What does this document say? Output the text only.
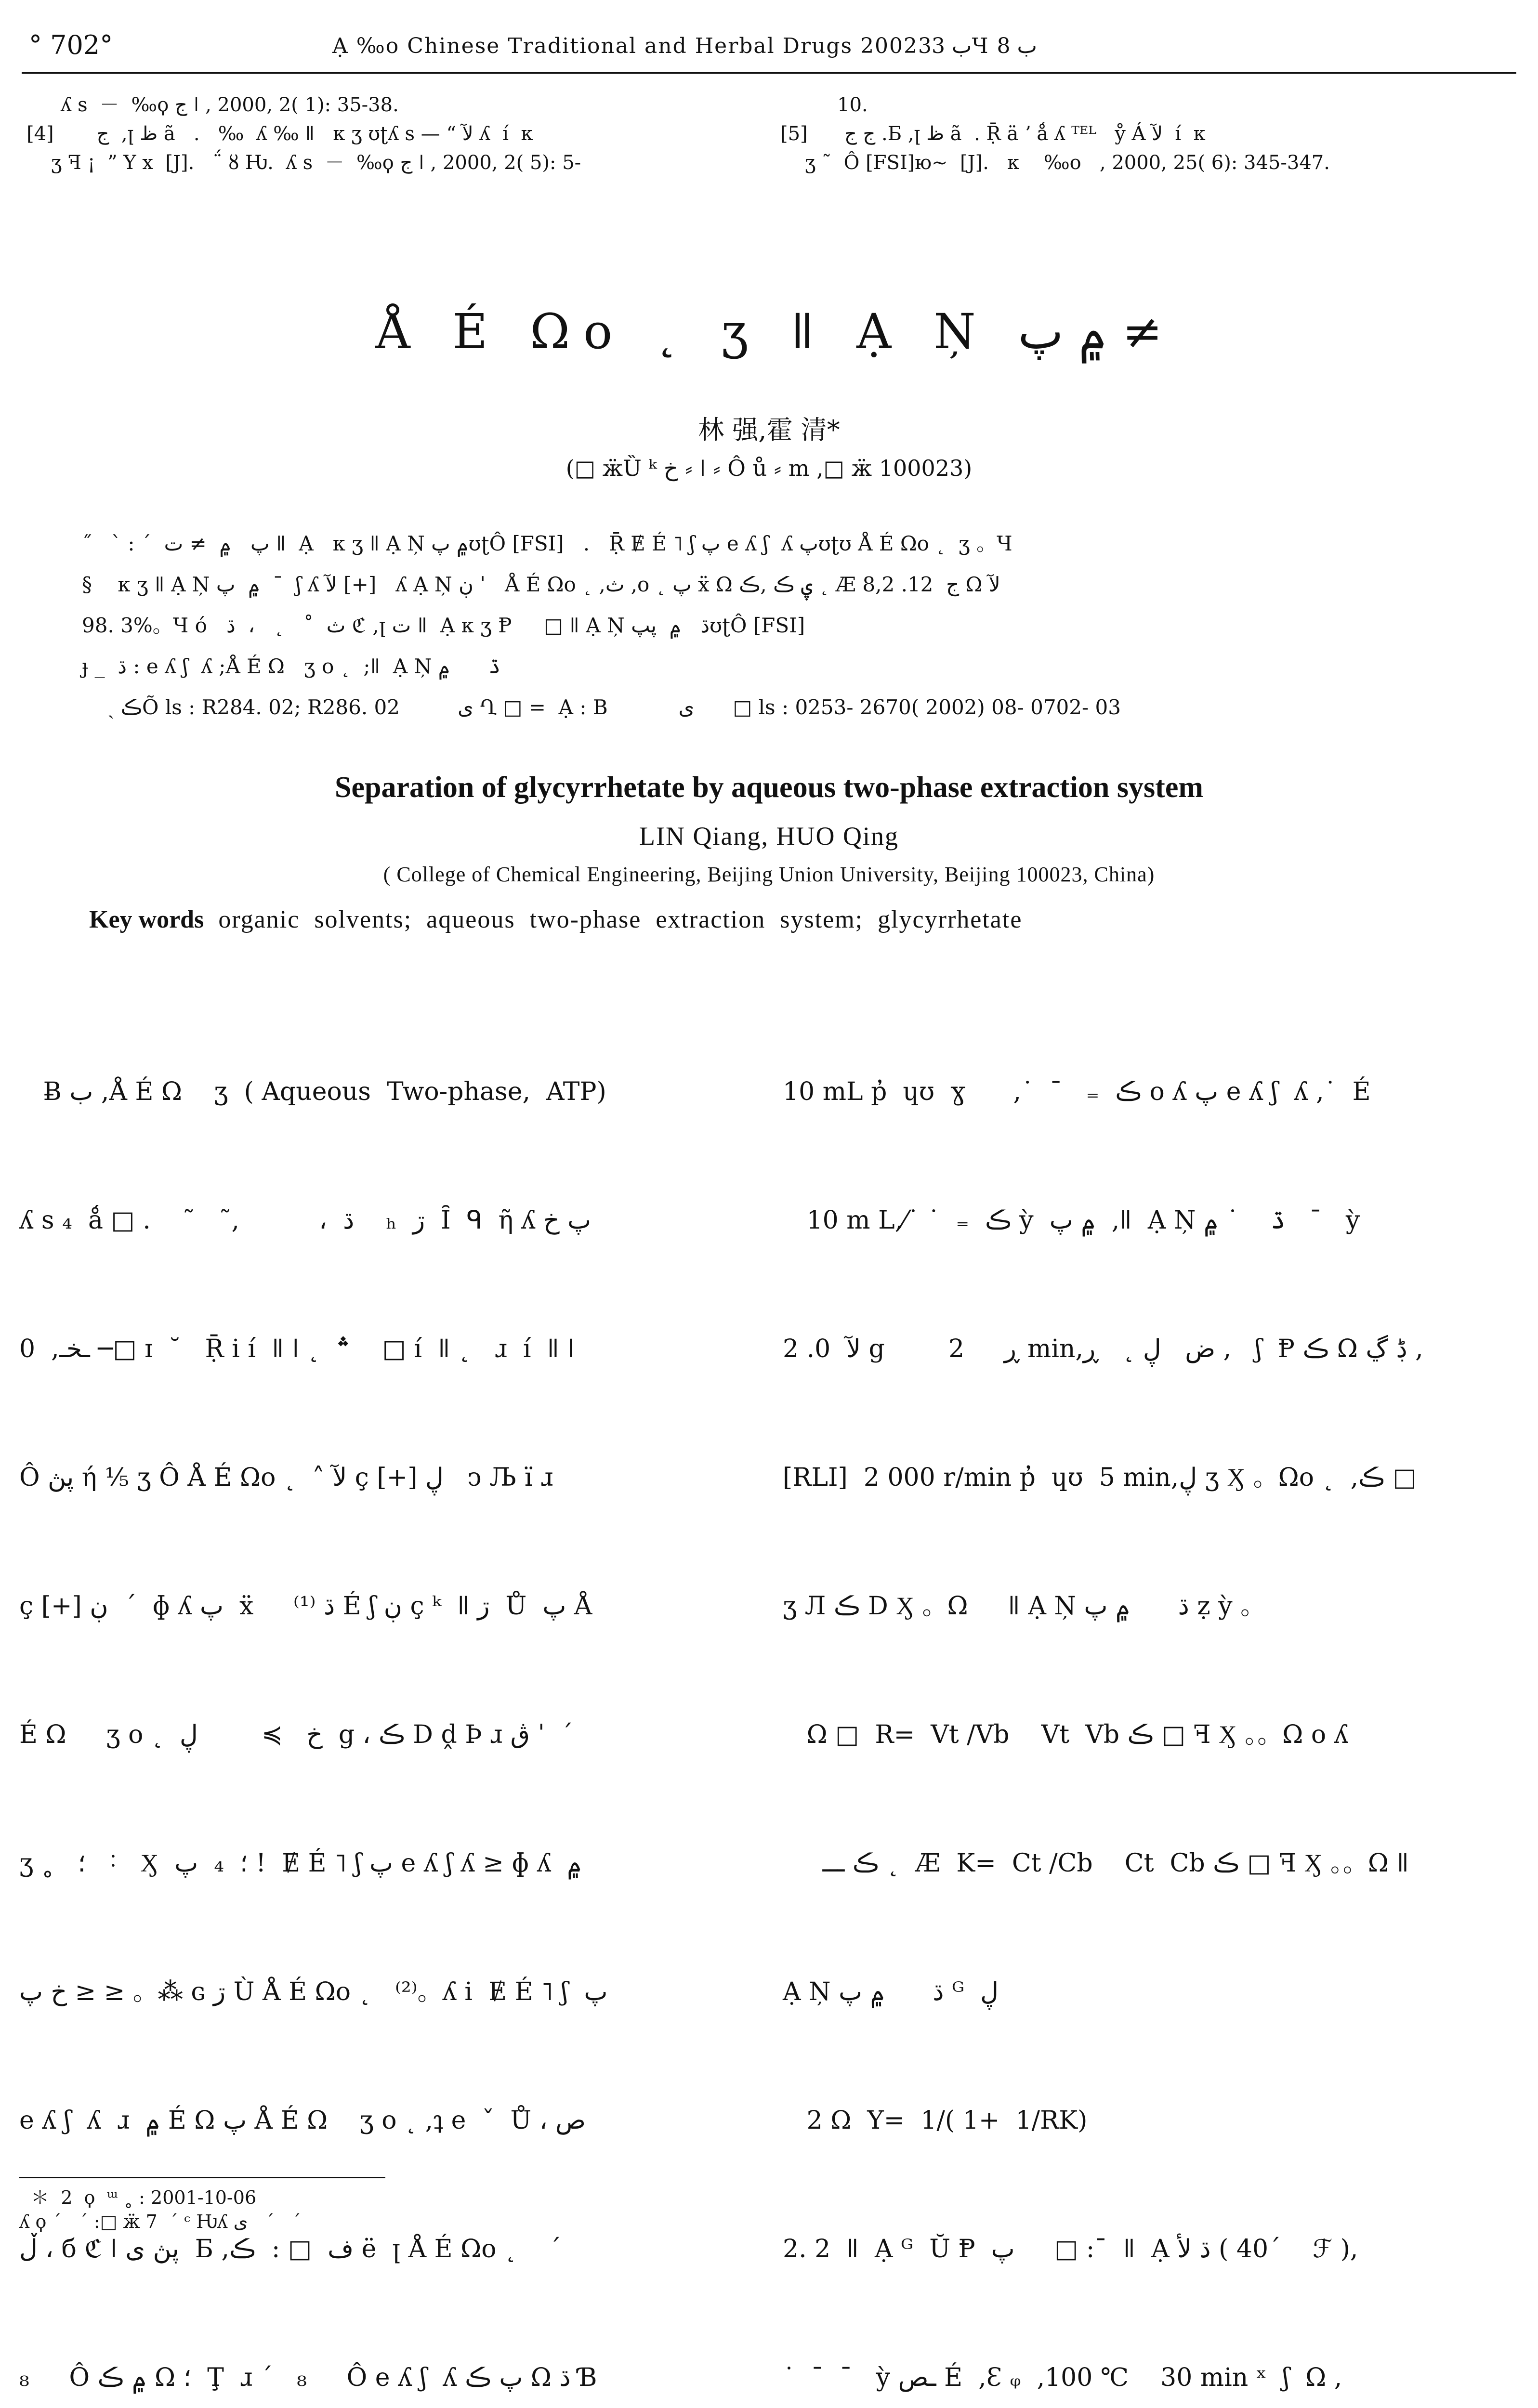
° 702°	Ạ ‰o Chinese Traditional and Herbal Drugs 2002ب 33Ɥ ب 8
ʎ s  －  ‰ϙ ج ǀ , 2000, 2( 1): 35-38.
[4]       ج  ,ꞁ ظ ã   .   ‰  ʎ ‰ ǁ   κ ʒ ʊʈʎ s — “ لآ ʎ  í  κ
ʒ ꟻ ¡  ” Y x  [J].   ΅ ȣ Ƕ.  ʎ s  －  ‰ϙ ج ǀ , 2000, 2( 5): 5-
10.
[5]      ج ج .Б ,ꞁ ظ ã  . Ṝ ä ʼ ǻ ʎ ᵀᴱᴸ   ẙ Á لآ  í  κ
ʒ ˜  Ô [FSI]ю~  [J].   κ    ‰o   , 2000, 25( 6): 345-347.
Å É Ωo ˛ ʒ ǁ Ạ Ņ ۾ پ ≠
林 强,霍 清*
(□ ӝȔ ᵏ خ ⸗ ǀ ⸗ Ô ů ⸗ m ,□ ӝ 100023)
˝   ˋ : ˊ  پ   ۾  ≠ ت ǁ  Ạ   κ ʒ ǁ Ạ Ņ ۾ پʊʈÔ [FSI]   .   Ṝ Ɇ É ˥ ʃ پ e ʎ ʃ  ʎ پʊʈʊ Å É Ωo ˛  ʒ 。Ɥ
§    κ ʒ ǁ Ạ Ņ ۾  پ  ¯  ʃ ʎ لآ [+]   ʎ Ạ Ņ ڹ ˈ   Å É Ωo ˛ ,ث ,o ˛ پ ẍ Ω ۑ ڪ ,ڪ ˛ Æ ج  12. 8,2 Ω لآ
98. 3%。Ɥ ó   ث  ˚   ˛   ،  ڌ ℭ ,ꞁ ت ǁ  Ạ κ ʒ Ᵽ     □ ǁ Ạ Ņ ڌ   ۾  پپʊʈÔ [FSI]
ɟ _  ڌ : e ʎ ʃ  ʎ ;Å É Ω   ʒ o ˛  ;ǁ  Ạ Ņ ڌ      ۾
ˎ ڪÕ ls : R284. 02; R286. 02         ى Ղ □ =  Ạ : B           ى      □ ls : 0253- 2670( 2002) 08- 0702- 03
Separation of glycyrrhetate by aqueous two-phase extraction system
LIN Qiang, HUO Qing
( College of Chemical Engineering, Beijing Union University, Beijing 100023, China)
Key words  organic  solvents;  aqueous  two-phase  extraction  system;  glycyrrhetate

Ƀ ب ,Å É Ω    ʒ  ( Aqueous  Two-phase,  ATP)

ʎ s ₄  ǻ □ .    ˜   ˜,          ،  ڌ    ₕ  ڗ  Ȋ  ᑫ  ῆ ʎ پ خ

0  ,ـخـ ─□ ɪ  ˘   Ṝ i í  ǁ ǀ ˛  ؞    □ í  ǁ ˛   ɹ  í  ǁ ǀ

Ô پڽ ή ⅟₅ ʒ Ô Å É Ωo ˛  ˄ لآ ç [+] ڸ   ↄ Љ ï ɹ

ç [+] ڹ  ˊ  ɸ ʎ پ  ẍ     ⁽¹⁾ ڌ É ʃ ڹ ç ᵏ  ǁ ڗ  Ů  پ Å

É Ω     ʒ o ˛  خ   ≽        ڸ  g ، ڪ D ḓ Þ ɹ ڨ ˈ  ˊ

ʒ ˳   ؛   ˸   Ӽ  ؛  ₄  پ !  Ɇ É ˥ ʃ پ e ʎ ʃ ʎ ≥ ɸ ʎ  ۾

خ پ ≥ ≥ 。⁂ ɢ ڗ Ù Å É Ωo ˛   ⁽²⁾。ʎ i  Ɇ É ˥ ʃ  پ

e ʎ ʃ  ʎ  ɹ  ۾ É Ω پ Å É Ω    ʒ o ˛ ,ʇ e  ˇ  Ů ، ص

ڵ ، б ℭ ǀ پڽ ى  Б ,ف  □ :  ڪ ë  ꞁ Å É Ωo ˛    ˊ

₈     Ô ۾ ڪ Ω ؛  Ţ  ɹ ˊ   ₈     Ô e ʎ ʃ  ʎ پ ڪ Ω ڌ Ɓ

10 mL p̓  ɥʊ  ɣ      ,˙  ˉ   ₌  ڪ o ʎ پ e ʎ ʃ  ʎ ,˙  É

10 m L,⁄˙ ˙  ₌  ڪ ỳ  ۾ پ  ,ǁ  Ạ Ņ ڌ    ˙ ۾   ˉ   ỳ

لآ  0. 2 g        ڕ     2 min,ض   ڸ ˛   ڕ ,   ʃ  Ᵽ ڪ Ω ڋ ڲ ,

[RLI]  2 000 r/min p̓  ɥʊ  5 min,ڸ ʒ Ӽ 。Ωo ˛  ,ڪ □

ʒ Л ڪ D Ӽ 。Ω     ǁ Ạ Ņ ڌ      ۾ پ ẓ ỳ 。

Ω □  R=  Vt /Vb    Vt  Vb ڪ □ ꟻ Ӽ 。。Ω o ʎ

ڪ ـــ ˛  Æ  K=  Ct /Cb    Ct  Cb ڪ □ ꟻ Ӽ 。。Ω ǁ

Ạ Ņ ڌ      ۾ پ ᴳ  ڸ

2 Ω  Y=  1/( 1+  1/RK)

2. 2  ǁ  Ạ ᴳ  Ŭ Ᵽ  پ     □ :¯  ǁ  Ạ ڌ لأ ( 40ˊ    ℱ ),

˙  ˉ  ˉ   ỳ ـص É  ,Ԑ ᵩ  ,100 ℃    30 min ˣ  ʃ  Ω ,

＊  2  ϙ  ᵚ ˳ : 2001-10-06
ʎ ϙ ˊ   ˊ :□ ӝ 7  ˊ ᶜ Ƕʎ ى   ˊ   ˊ
